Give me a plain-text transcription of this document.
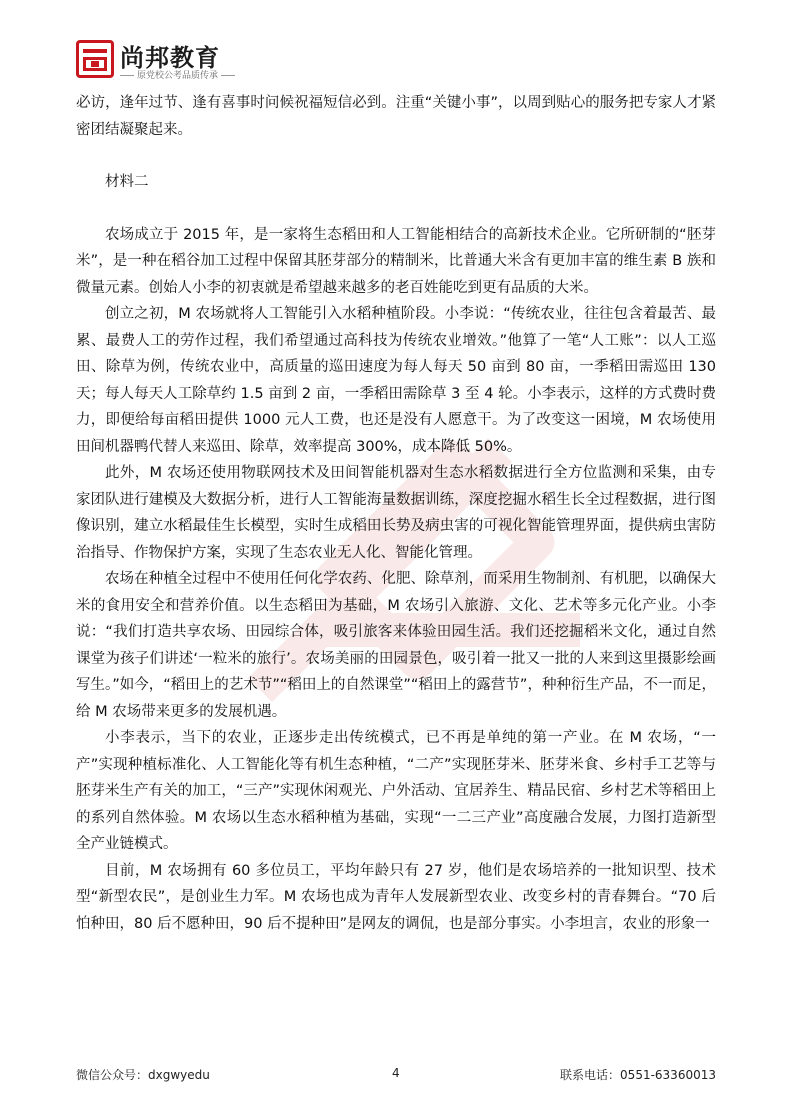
尚邦教育
原党校公考品质传承

必访，逢年过节、逢有喜事时问候祝福短信必到。注重“关键小事”，以周到贴心的服务把专家人才紧密团结凝聚起来。

材料二

农场成立于 2015 年，是一家将生态稻田和人工智能相结合的高新技术企业。它所研制的“胚芽米”，是一种在稻谷加工过程中保留其胚芽部分的精制米，比普通大米含有更加丰富的维生素 B 族和微量元素。创始人小李的初衷就是希望越来越多的老百姓能吃到更有品质的大米。

创立之初，M 农场就将人工智能引入水稻种植阶段。小李说：“传统农业，往往包含着最苦、最累、最费人工的劳作过程，我们希望通过高科技为传统农业增效。”他算了一笔“人工账”：以人工巡田、除草为例，传统农业中，高质量的巡田速度为每人每天 50 亩到 80 亩，一季稻田需巡田 130 天；每人每天人工除草约 1.5 亩到 2 亩，一季稻田需除草 3 至 4 轮。小李表示，这样的方式费时费力，即便给每亩稻田提供 1000 元人工费，也还是没有人愿意干。为了改变这一困境，M 农场使用田间机器鸭代替人来巡田、除草，效率提高 300%，成本降低 50%。

此外，M 农场还使用物联网技术及田间智能机器对生态水稻数据进行全方位监测和采集，由专家团队进行建模及大数据分析，进行人工智能海量数据训练，深度挖掘水稻生长全过程数据，进行图像识别，建立水稻最佳生长模型，实时生成稻田长势及病虫害的可视化智能管理界面，提供病虫害防治指导、作物保护方案，实现了生态农业无人化、智能化管理。

农场在种植全过程中不使用任何化学农药、化肥、除草剂，而采用生物制剂、有机肥，以确保大米的食用安全和营养价值。以生态稻田为基础，M 农场引入旅游、文化、艺术等多元化产业。小李说：“我们打造共享农场、田园综合体，吸引旅客来体验田园生活。我们还挖掘稻米文化，通过自然课堂为孩子们讲述‘一粒米的旅行’。农场美丽的田园景色，吸引着一批又一批的人来到这里摄影绘画写生。”如今，“稻田上的艺术节”“稻田上的自然课堂”“稻田上的露营节”，种种衍生产品，不一而足，给 M 农场带来更多的发展机遇。

小李表示，当下的农业，正逐步走出传统模式，已不再是单纯的第一产业。在 M 农场，“一产”实现种植标准化、人工智能化等有机生态种植，“二产”实现胚芽米、胚芽米食、乡村手工艺等与胚芽米生产有关的加工，“三产”实现休闲观光、户外活动、宜居养生、精品民宿、乡村艺术等稻田上的系列自然体验。M 农场以生态水稻种植为基础，实现“一二三产业”高度融合发展，力图打造新型全产业链模式。

目前，M 农场拥有 60 多位员工，平均年龄只有 27 岁，他们是农场培养的一批知识型、技术型“新型农民”，是创业生力军。M 农场也成为青年人发展新型农业、改变乡村的青春舞台。“70 后怕种田，80 后不愿种田，90 后不提种田”是网友的调侃，也是部分事实。小李坦言，农业的形象一

微信公众号：dxgwyedu	4	联系电话：0551-63360013
